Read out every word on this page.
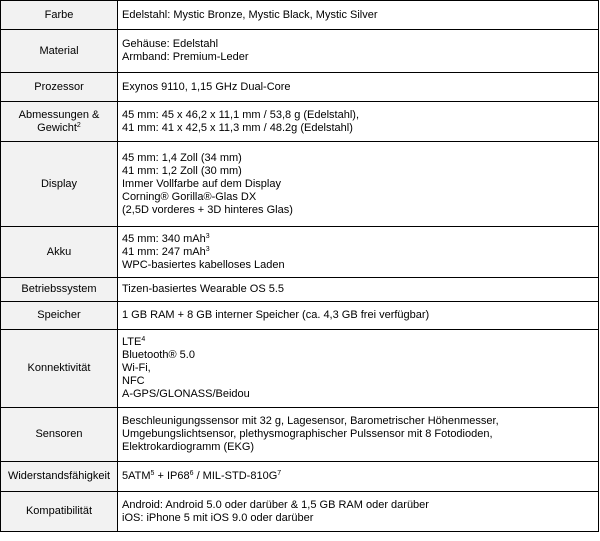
Farbe	Edelstahl: Mystic Bronze, Mystic Black, Mystic Silver

Material	Gehäuse: Edelstahl
Armband: Premium-Leder

Prozessor	Exynos 9110, 1,15 GHz Dual-Core

Abmessungen &
Gewicht$^2$	45 mm: 45 x 46,2 x 11,1 mm / 53,8 g (Edelstahl),
41 mm: 41 x 42,5 x 11,3 mm / 48.2g (Edelstahl)

Display	45 mm: 1,4 Zoll (34 mm)
41 mm: 1,2 Zoll (30 mm)
Immer Vollfarbe auf dem Display
Corning® Gorilla®-Glas DX
(2,5D vorderes + 3D hinteres Glas)

Akku	45 mm: 340 mAh$^3$
41 mm: 247 mAh$^3$
WPC-basiertes kabelloses Laden

Betriebssystem	Tizen-basiertes Wearable OS 5.5

Speicher	1 GB RAM + 8 GB interner Speicher (ca. 4,3 GB frei verfügbar)

Konnektivität	LTE$^4$
Bluetooth® 5.0
Wi-Fi,
NFC
A-GPS/GLONASS/Beidou

Sensoren	Beschleunigungssensor mit 32 g, Lagesensor, Barometrischer Höhenmesser,
Umgebungslichtsensor, plethysmographischer Pulssensor mit 8 Fotodioden,
Elektrokardiogramm (EKG)

Widerstandsfähigkeit	$5ATM^5 + IP68^6 / MIL-STD-810G^7$

Kompatibilität	Android: Android 5.0 oder darüber & 1,5 GB RAM oder darüber
iOS: iPhone 5 mit iOS 9.0 oder darüber
